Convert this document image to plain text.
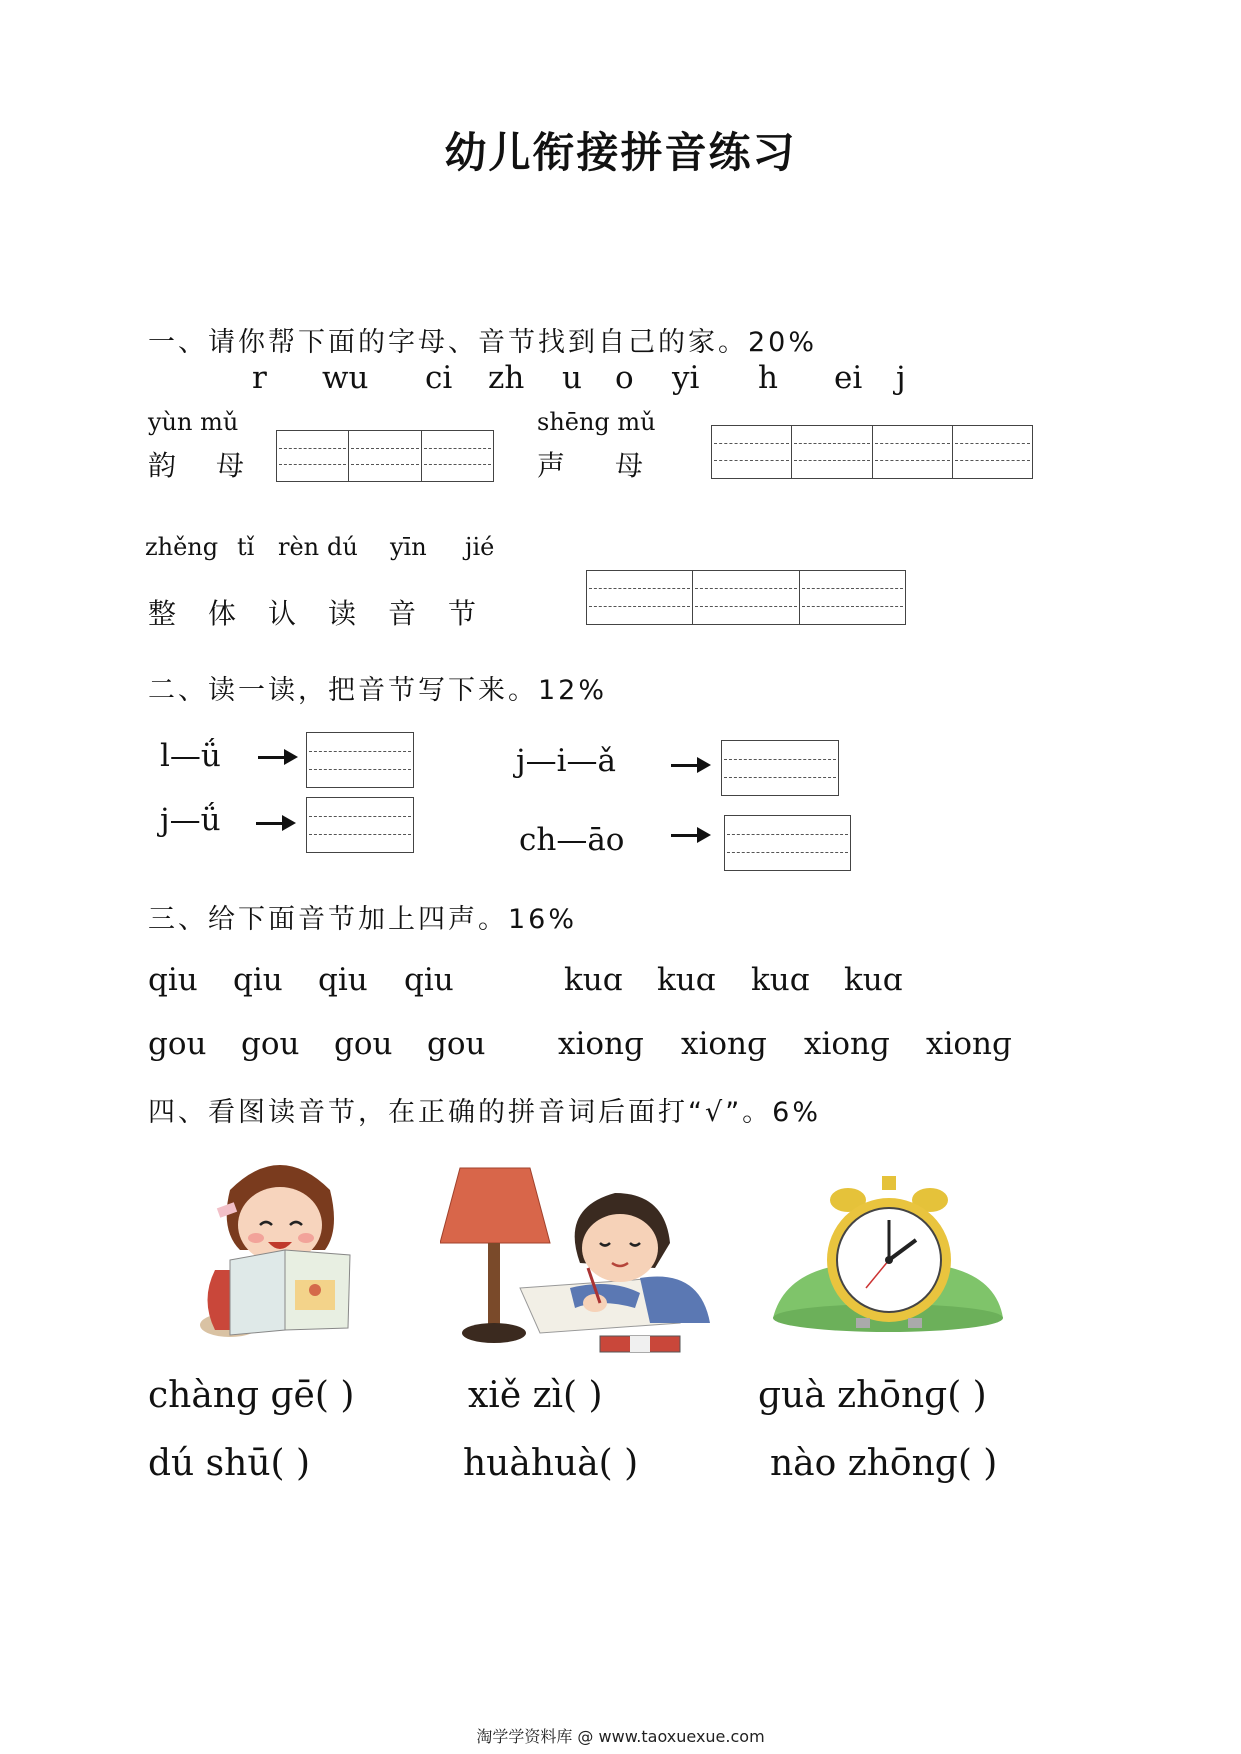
幼儿衔接拼音练习
一、请你帮下面的字母、音节找到自己的家。20%
r wu ci zh u o yi h ei j
yùn mǔ
韵母
shēng mǔ
声母
zhěng tǐ rèn dú yīn jié
整体认读音节
二、读一读，把音节写下来。12%
l—ǘ
j—ǘ
j—i—ǎ
ch—āo
三、给下面音节加上四声。16%
qiu qiu qiu qiu	kuɑ kuɑ kuɑ kuɑ
gou gou gou gou xionɡ xionɡ xionɡ xionɡ
四、看图读音节，在正确的拼音词后面打“√”。6%
chànɡ ɡē( )	xiě zì( )	ɡuà zhōnɡ( )
dú shū( )	huàhuà( )	nào zhōnɡ( )
淘学学资料库 @ www.taoxuexue.com
